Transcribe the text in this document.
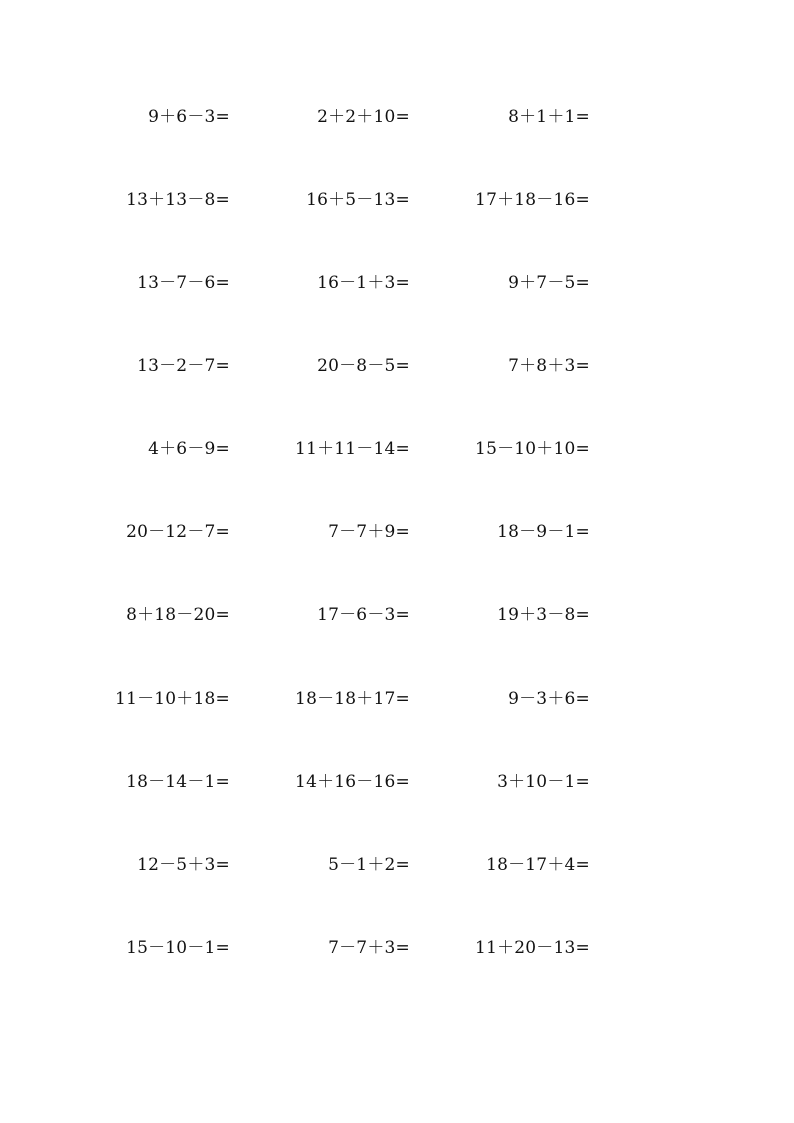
9＋6－3=	2＋2＋10=	8＋1＋1=
13＋13－8=	16＋5－13=	17＋18－16=
13－7－6=	16－1＋3=	9＋7－5=
13－2－7=	20－8－5=	7＋8＋3=
4＋6－9=	11＋11－14=	15－10＋10=
20－12－7=	7－7＋9=	18－9－1=
8＋18－20=	17－6－3=	19＋3－8=
11－10＋18=	18－18＋17=	9－3＋6=
18－14－1=	14＋16－16=	3＋10－1=
12－5＋3=	5－1＋2=	18－17＋4=
15－10－1=	7－7＋3=	11＋20－13=
